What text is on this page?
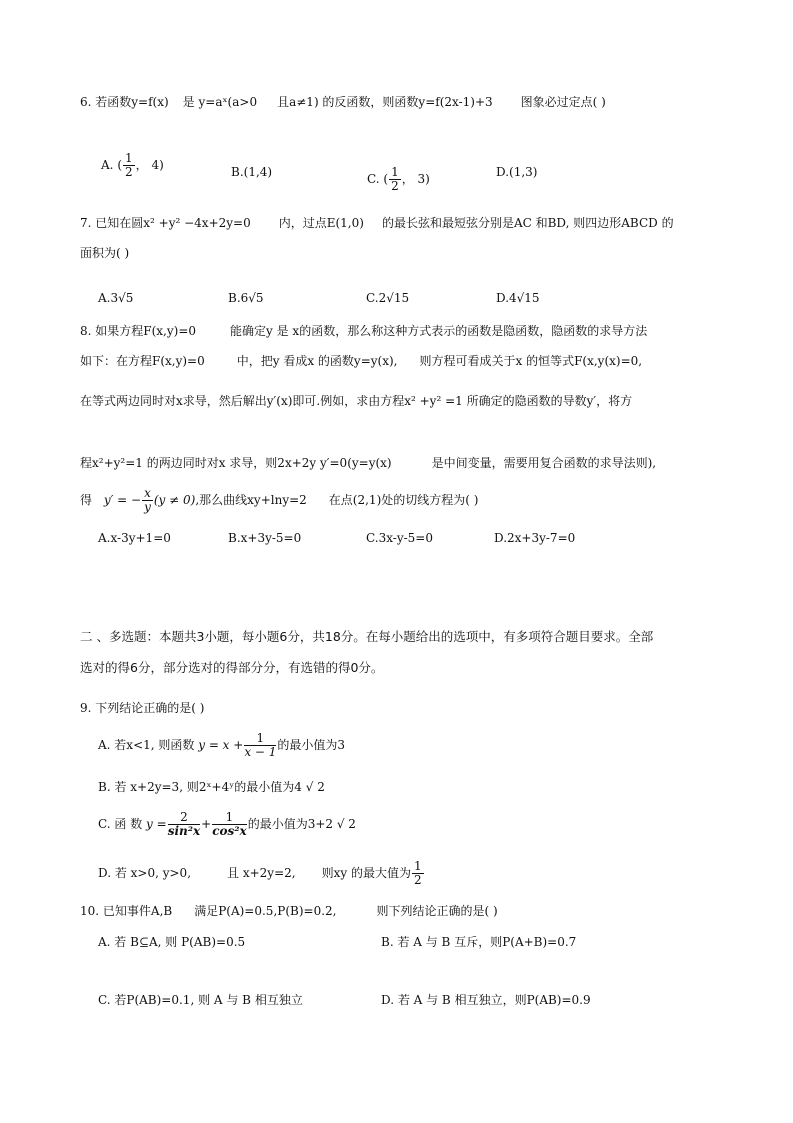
6. 若函数y=f(x) 是 y=aˣ(a>0 且a≠1) 的反函数，则函数y=f(2x-1)+3 图象必过定点( )
A. ( $\frac{1}{2}$ ， 4)	B.(1,4)	C. ( $\frac{1}{2}$ ， 3)	D.(1,3)
7. 已知在圆x² +y² −4x+2y=0 内，过点E(1,0) 的最长弦和最短弦分别是AC 和BD, 则四边形ABCD 的
面积为( )
A.3√5	B.6√5	C.2√15	D.4√15
8. 如果方程F(x,y)=0	能确定y 是 x的函数，那么称这种方式表示的函数是隐函数，隐函数的求导方法
如下：在方程F(x,y)=0	中，把y 看成x 的函数y=y(x), 则方程可看成关于x 的恒等式F(x,y(x)=0,
在等式两边同时对x求导，然后解出y′(x)即可.例如，求由方程x² +y² =1 所确定的隐函数的导数y′，将方
程x²+y²=1 的两边同时对x 求导，则2x+2y y′=0(y=y(x)	是中间变量，需要用复合函数的求导法则),
得 y′ = − $\frac{x}{y} (y \ne 0)$,那么曲线xy+lny=2 在点(2,1)处的切线方程为( )
A.x-3y+1=0	B.x+3y-5=0	C.3x-y-5=0	D.2x+3y-7=0
二 、多选题：本题共3小题，每小题6分，共18分。在每小题给出的选项中，有多项符合题目要求。全部
选对的得6分，部分选对的得部分分，有选错的得0分。
9. 下列结论正确的是( )
A. 若x<1, 则函数 $y = x + \frac{1}{x - 1}$ 的最小值为3
B. 若 x+2y=3, 则2ˣ+4ʸ的最小值为4 √ 2
C. 函 数 $y = \frac{2}{\text{sin²x}} + \frac{1}{\text{cos²x}}$ 的最小值为3+2 √ 2
D. 若 x>0, y>0,	且 x+2y=2, 则xy 的最大值为 $\frac{1}{2}$
10. 已知事件A,B 满足P(A)=0.5,P(B)=0.2,	则下列结论正确的是( )
A. 若 B⊆A, 则 P(AB)=0.5	B. 若 A 与 B 互斥，则P(A+B)=0.7
C. 若P(AB)=0.1, 则 A 与 B 相互独立	D. 若 A 与 B 相互独立，则P(AB)=0.9
